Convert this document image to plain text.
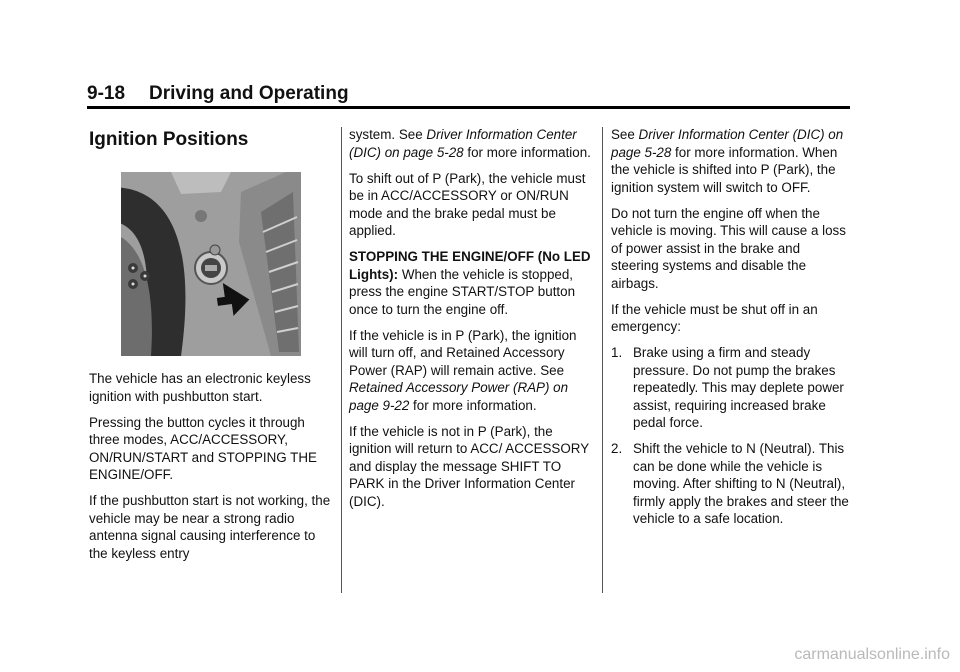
9-18 Driving and Operating
Ignition Positions

The vehicle has an electronic keyless ignition with pushbutton start.

Pressing the button cycles it through three modes, ACC/ACCESSORY, ON/RUN/START and STOPPING THE ENGINE/OFF.

If the pushbutton start is not working, the vehicle may be near a strong radio antenna signal causing interference to the keyless entry

system. See Driver Information Center (DIC) on page 5-28 for more information.

To shift out of P (Park), the vehicle must be in ACC/ACCESSORY or ON/RUN mode and the brake pedal must be applied.

STOPPING THE ENGINE/OFF (No LED Lights): When the vehicle is stopped, press the engine START/STOP button once to turn the engine off.

If the vehicle is in P (Park), the ignition will turn off, and Retained Accessory Power (RAP) will remain active. See Retained Accessory Power (RAP) on page 9-22 for more information.

If the vehicle is not in P (Park), the ignition will return to ACC/ ACCESSORY and display the message SHIFT TO PARK in the Driver Information Center (DIC).

See Driver Information Center (DIC) on page 5-28 for more information. When the vehicle is shifted into P (Park), the ignition system will switch to OFF.

Do not turn the engine off when the vehicle is moving. This will cause a loss of power assist in the brake and steering systems and disable the airbags.

If the vehicle must be shut off in an emergency:

1. Brake using a firm and steady pressure. Do not pump the brakes repeatedly. This may deplete power assist, requiring increased brake pedal force.
2. Shift the vehicle to N (Neutral). This can be done while the vehicle is moving. After shifting to N (Neutral), firmly apply the brakes and steer the vehicle to a safe location.
carmanualsonline.info
